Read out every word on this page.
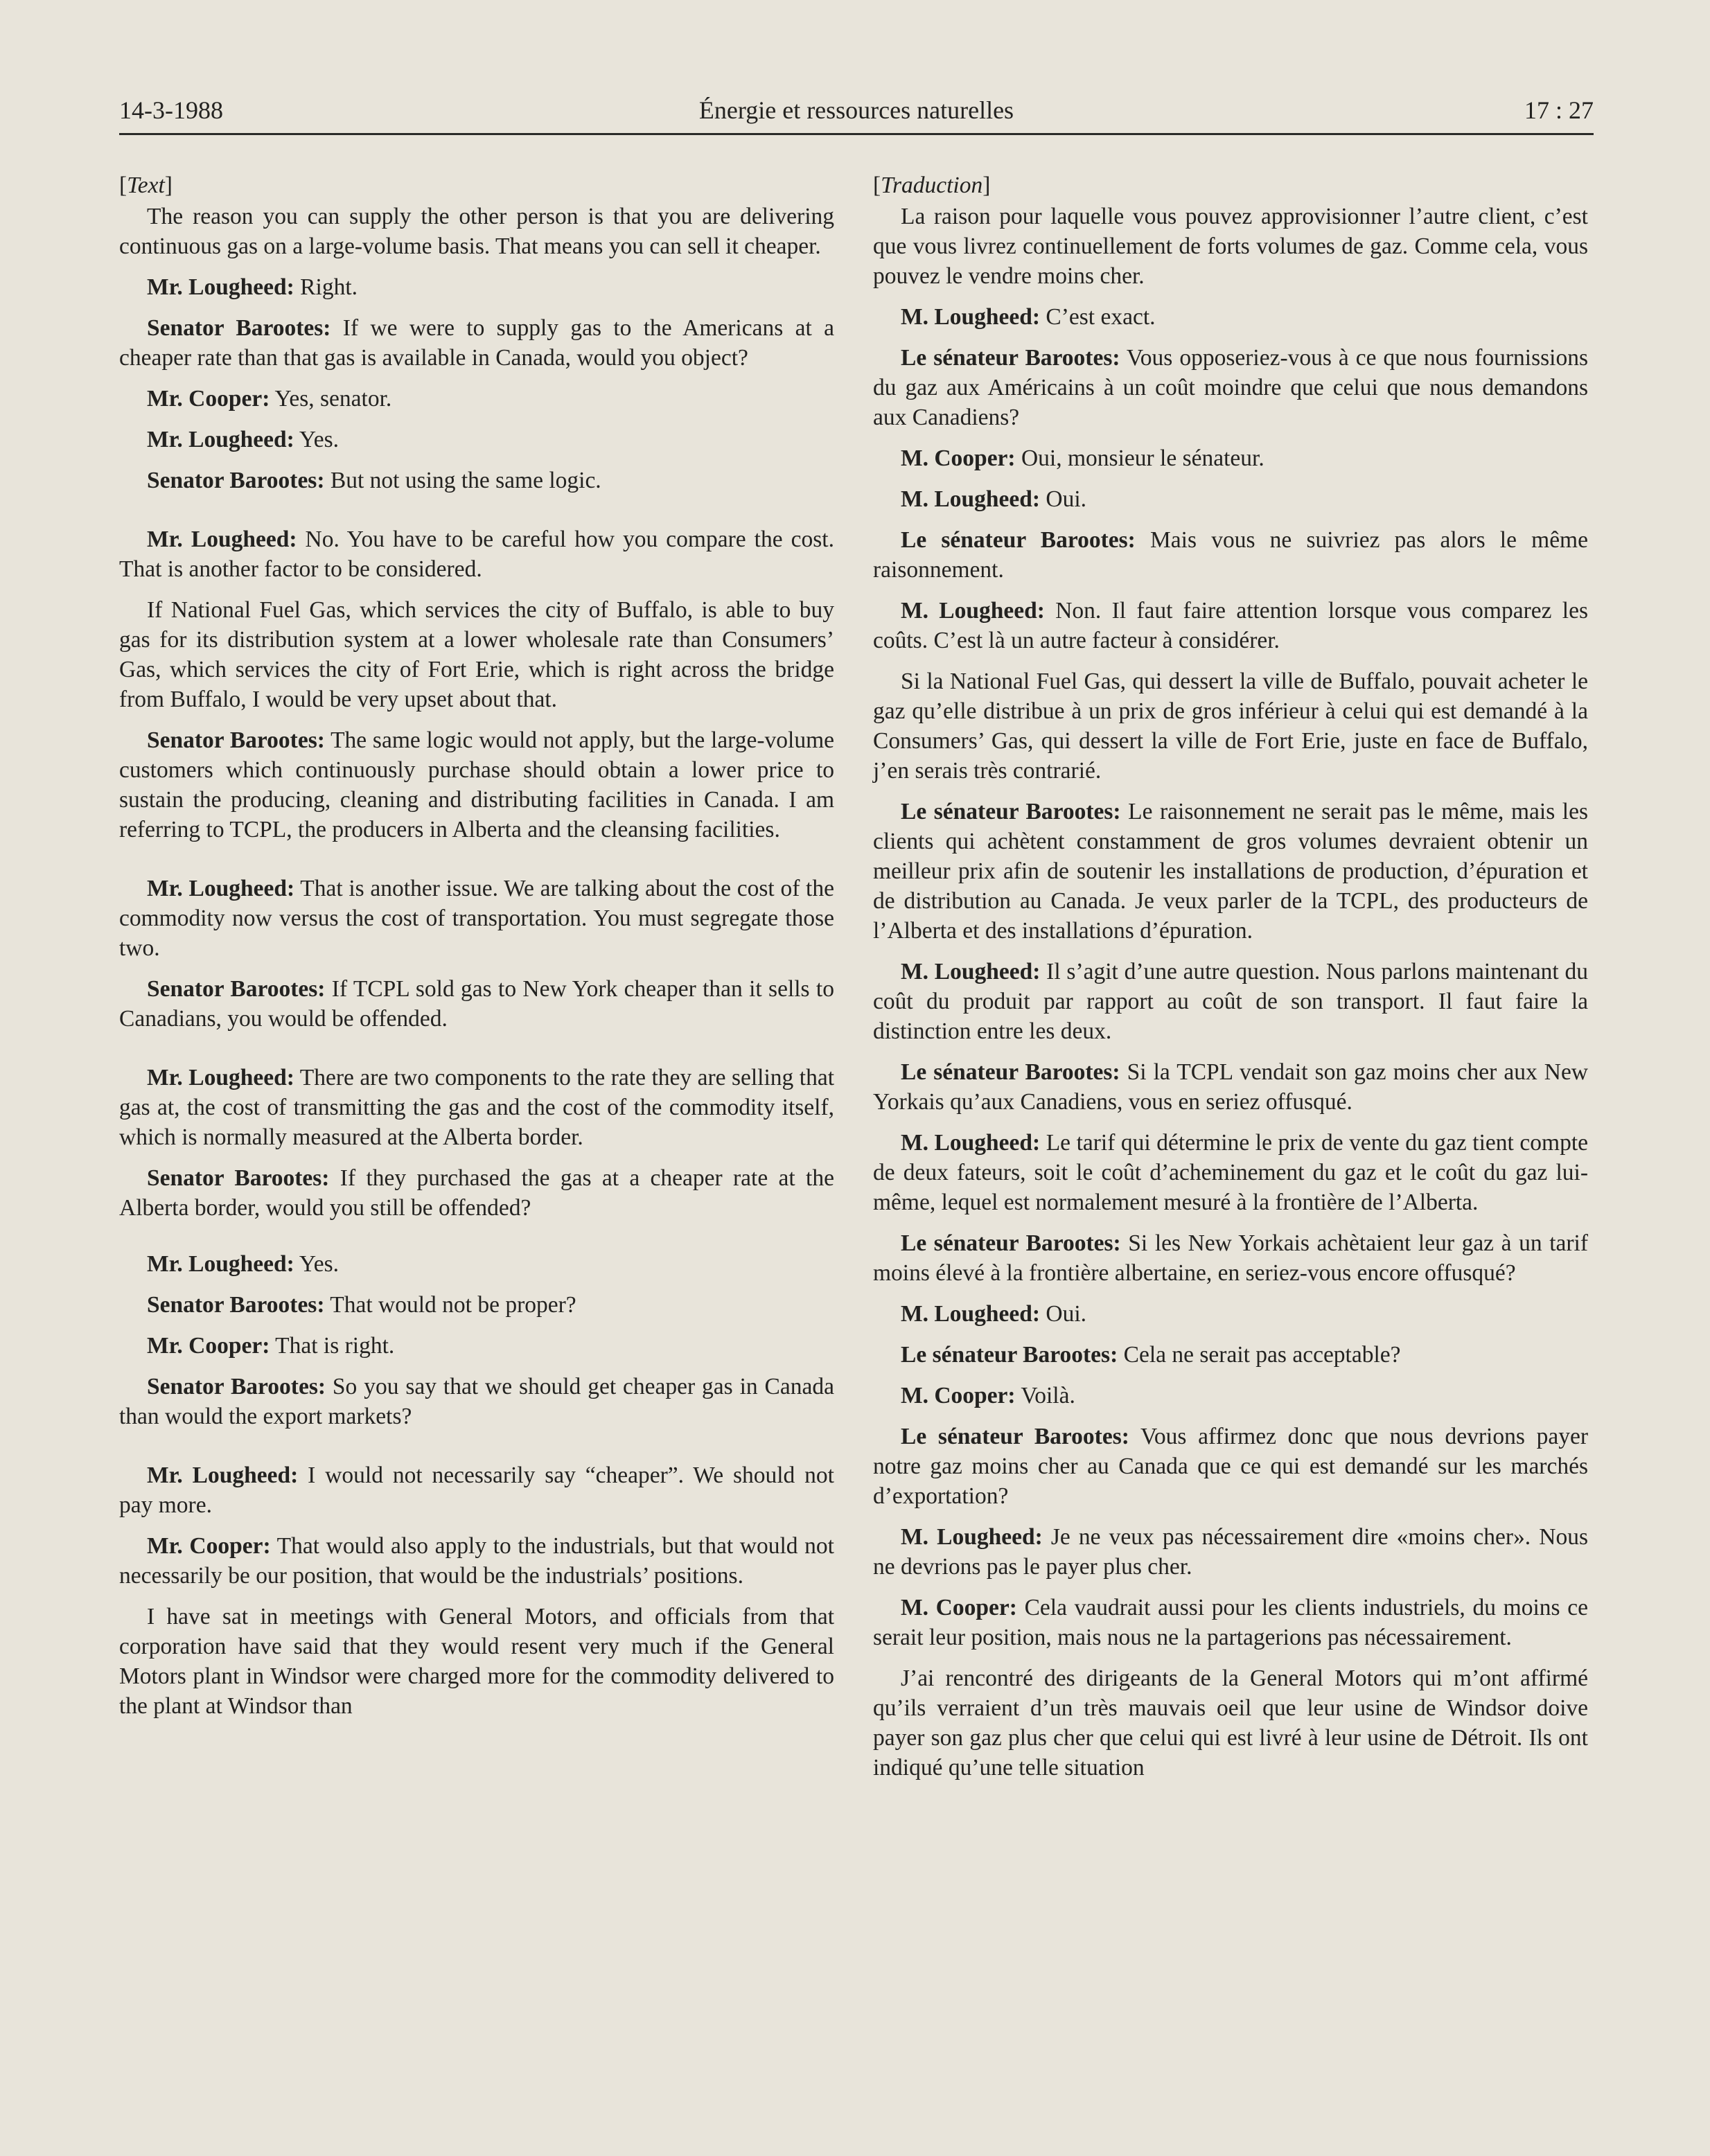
14-3-1988	Énergie et ressources naturelles	17 : 27
[Text]

The reason you can supply the other person is that you are delivering continuous gas on a large-volume basis. That means you can sell it cheaper.

Mr. Lougheed: Right.

Senator Barootes: If we were to supply gas to the Americans at a cheaper rate than that gas is available in Canada, would you object?

Mr. Cooper: Yes, senator.

Mr. Lougheed: Yes.

Senator Barootes: But not using the same logic.

Mr. Lougheed: No. You have to be careful how you compare the cost. That is another factor to be considered.

If National Fuel Gas, which services the city of Buffalo, is able to buy gas for its distribution system at a lower wholesale rate than Consumers’ Gas, which services the city of Fort Erie, which is right across the bridge from Buffalo, I would be very upset about that.

Senator Barootes: The same logic would not apply, but the large-volume customers which continuously purchase should obtain a lower price to sustain the producing, cleaning and distributing facilities in Canada. I am referring to TCPL, the producers in Alberta and the cleansing facilities.

Mr. Lougheed: That is another issue. We are talking about the cost of the commodity now versus the cost of transportation. You must segregate those two.

Senator Barootes: If TCPL sold gas to New York cheaper than it sells to Canadians, you would be offended.

Mr. Lougheed: There are two components to the rate they are selling that gas at, the cost of transmitting the gas and the cost of the commodity itself, which is normally measured at the Alberta border.

Senator Barootes: If they purchased the gas at a cheaper rate at the Alberta border, would you still be offended?

Mr. Lougheed: Yes.

Senator Barootes: That would not be proper?

Mr. Cooper: That is right.

Senator Barootes: So you say that we should get cheaper gas in Canada than would the export markets?

Mr. Lougheed: I would not necessarily say “cheaper”. We should not pay more.

Mr. Cooper: That would also apply to the industrials, but that would not necessarily be our position, that would be the industrials’ positions.

I have sat in meetings with General Motors, and officials from that corporation have said that they would resent very much if the General Motors plant in Windsor were charged more for the commodity delivered to the plant at Windsor than

[Traduction]

La raison pour laquelle vous pouvez approvisionner l’autre client, c’est que vous livrez continuellement de forts volumes de gaz. Comme cela, vous pouvez le vendre moins cher.

M. Lougheed: C’est exact.

Le sénateur Barootes: Vous opposeriez-vous à ce que nous fournissions du gaz aux Américains à un coût moindre que celui que nous demandons aux Canadiens?

M. Cooper: Oui, monsieur le sénateur.

M. Lougheed: Oui.

Le sénateur Barootes: Mais vous ne suivriez pas alors le même raisonnement.

M. Lougheed: Non. Il faut faire attention lorsque vous comparez les coûts. C’est là un autre facteur à considérer.

Si la National Fuel Gas, qui dessert la ville de Buffalo, pouvait acheter le gaz qu’elle distribue à un prix de gros inférieur à celui qui est demandé à la Consumers’ Gas, qui dessert la ville de Fort Erie, juste en face de Buffalo, j’en serais très contrarié.

Le sénateur Barootes: Le raisonnement ne serait pas le même, mais les clients qui achètent constamment de gros volumes devraient obtenir un meilleur prix afin de soutenir les installations de production, d’épuration et de distribution au Canada. Je veux parler de la TCPL, des producteurs de l’Alberta et des installations d’épuration.

M. Lougheed: Il s’agit d’une autre question. Nous parlons maintenant du coût du produit par rapport au coût de son transport. Il faut faire la distinction entre les deux.

Le sénateur Barootes: Si la TCPL vendait son gaz moins cher aux New Yorkais qu’aux Canadiens, vous en seriez offusqué.

M. Lougheed: Le tarif qui détermine le prix de vente du gaz tient compte de deux fateurs, soit le coût d’acheminement du gaz et le coût du gaz lui-même, lequel est normalement mesuré à la frontière de l’Alberta.

Le sénateur Barootes: Si les New Yorkais achètaient leur gaz à un tarif moins élevé à la frontière albertaine, en seriez-vous encore offusqué?

M. Lougheed: Oui.

Le sénateur Barootes: Cela ne serait pas acceptable?

M. Cooper: Voilà.

Le sénateur Barootes: Vous affirmez donc que nous devrions payer notre gaz moins cher au Canada que ce qui est demandé sur les marchés d’exportation?

M. Lougheed: Je ne veux pas nécessairement dire «moins cher». Nous ne devrions pas le payer plus cher.

M. Cooper: Cela vaudrait aussi pour les clients industriels, du moins ce serait leur position, mais nous ne la partagerions pas nécessairement.

J’ai rencontré des dirigeants de la General Motors qui m’ont affirmé qu’ils verraient d’un très mauvais oeil que leur usine de Windsor doive payer son gaz plus cher que celui qui est livré à leur usine de Détroit. Ils ont indiqué qu’une telle situation
